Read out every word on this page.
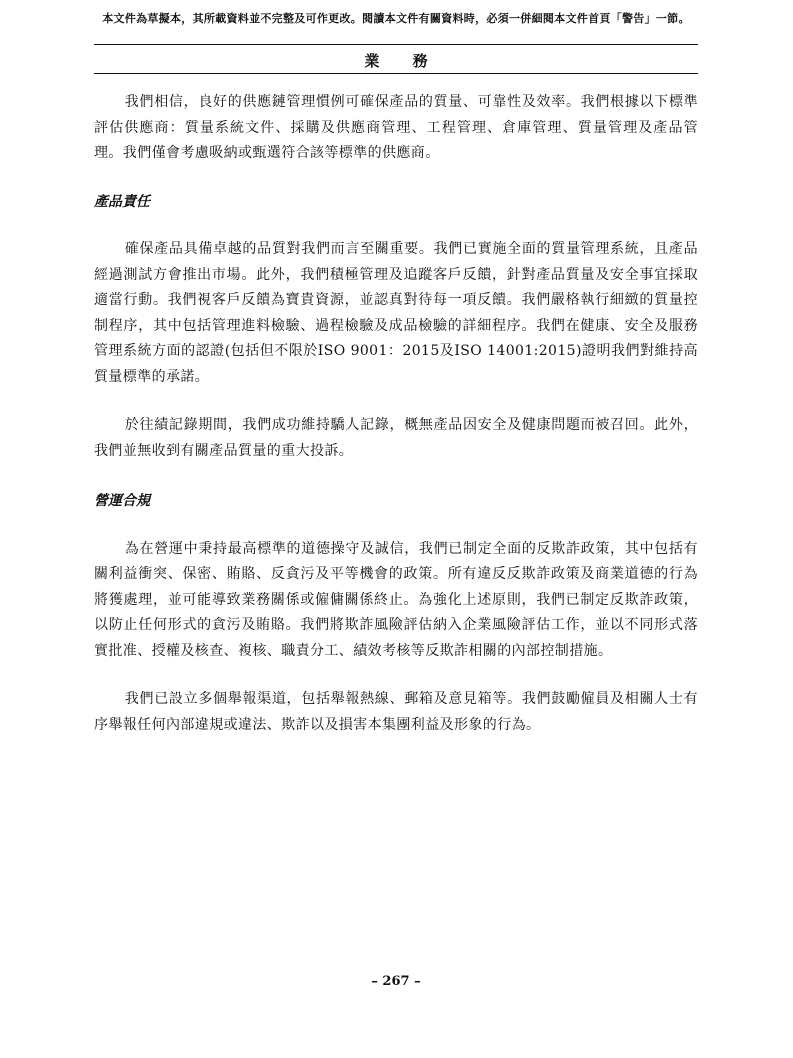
本文件為草擬本，其所載資料並不完整及可作更改。閱讀本文件有關資料時，必須一併細閱本文件首頁「警告」一節。
業 務

我們相信，良好的供應鏈管理慣例可確保產品的質量、可靠性及效率。我們根據以下標準評估供應商：質量系統文件、採購及供應商管理、工程管理、倉庫管理、質量管理及產品管理。我們僅會考慮吸納或甄選符合該等標準的供應商。

產品責任

確保產品具備卓越的品質對我們而言至關重要。我們已實施全面的質量管理系統，且產品經過測試方會推出市場。此外，我們積極管理及追蹤客戶反饋，針對產品質量及安全事宜採取適當行動。我們視客戶反饋為寶貴資源，並認真對待每一項反饋。我們嚴格執行細緻的質量控制程序，其中包括管理進料檢驗、過程檢驗及成品檢驗的詳細程序。我們在健康、安全及服務管理系統方面的認證(包括但不限於ISO 9001：2015及ISO 14001:2015)證明我們對維持高質量標準的承諾。

於往績記錄期間，我們成功維持驕人記錄，概無產品因安全及健康問題而被召回。此外，我們並無收到有關產品質量的重大投訴。

營運合規

為在營運中秉持最高標準的道德操守及誠信，我們已制定全面的反欺詐政策，其中包括有關利益衝突、保密、賄賂、反貪污及平等機會的政策。所有違反反欺詐政策及商業道德的行為將獲處理，並可能導致業務關係或僱傭關係終止。為強化上述原則，我們已制定反欺詐政策，以防止任何形式的貪污及賄賂。我們將欺詐風險評估納入企業風險評估工作，並以不同形式落實批准、授權及核查、複核、職責分工、績效考核等反欺詐相關的內部控制措施。

我們已設立多個舉報渠道，包括舉報熱線、郵箱及意見箱等。我們鼓勵僱員及相關人士有序舉報任何內部違規或違法、欺詐以及損害本集團利益及形象的行為。

– 267 –
